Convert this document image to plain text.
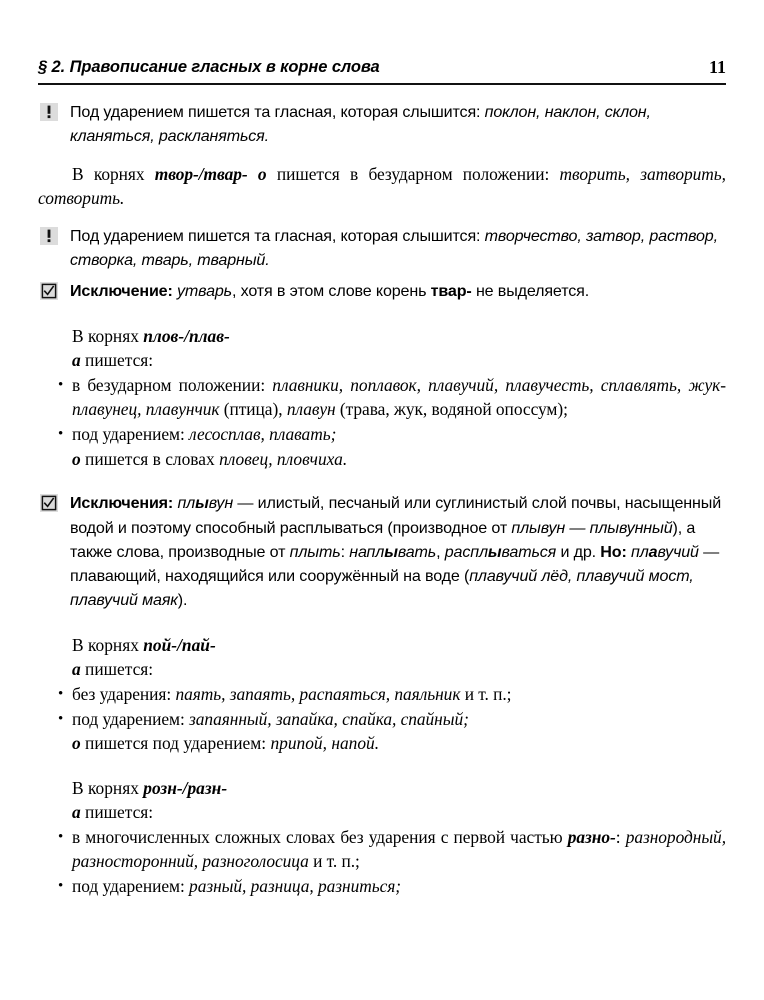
§ 2. Правописание гласных в корне слова	11
Под ударением пишется та гласная, которая слышится: поклон, наклон, склон, кланяться, раскланяться.
В корнях твор-/твар- о пишется в безударном положении: творить, затворить, сотворить.
Под ударением пишется та гласная, которая слышится: творчество, затвор, раствор, створка, тварь, тварный.
Исключение: утварь, хотя в этом слове корень твар- не выделяется.
В корнях плов-/плав-
а пишется:
• в безударном положении: плавники, поплавок, плавучий, плавучесть, сплавлять, жук-плавунец, плавунчик (птица), плавун (трава, жук, водяной опоссум);
• под ударением: лесосплав, плавать;
о пишется в словах пловец, пловчиха.
Исключения: плывун — илистый, песчаный или суглинистый слой почвы, насыщенный водой и поэтому способный расплываться (производное от плывун — плывунный), а также слова, производные от плыть: наплывать, расплываться и др. Но: плавучий — плавающий, находящийся или сооружённый на воде (плавучий лёд, плавучий мост, плавучий маяк).
В корнях пой-/пай-
а пишется:
• без ударения: паять, запаять, распаяться, паяльник и т. п.;
• под ударением: запаянный, запайка, спайка, спайный;
о пишется под ударением: припой, напой.
В корнях розн-/разн-
а пишется:
• в многочисленных сложных словах без ударения с первой частью разно-: разнородный, разносторонний, разноголосица и т. п.;
• под ударением: разный, разница, разниться;
